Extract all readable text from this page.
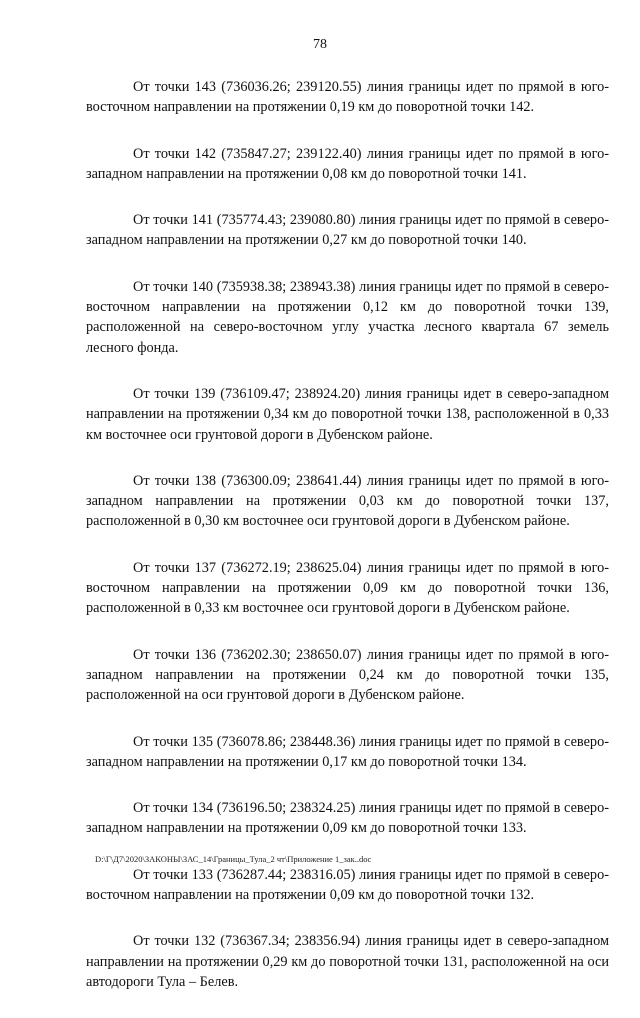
78

От точки 143 (736036.26; 239120.55) линия границы идет по прямой в юго-восточном направлении на протяжении 0,19 км до поворотной точки 142.

От точки 142 (735847.27; 239122.40) линия границы идет по прямой в юго-западном направлении на протяжении 0,08 км до поворотной точки 141.

От точки 141 (735774.43; 239080.80) линия границы идет по прямой в северо-западном направлении на протяжении 0,27 км до поворотной точки 140.

От точки 140 (735938.38; 238943.38) линия границы идет по прямой в северо-восточном направлении на протяжении 0,12 км до поворотной точки 139, расположенной на северо-восточном углу участка лесного квартала 67 земель лесного фонда.

От точки 139 (736109.47; 238924.20) линия границы идет в северо-западном направлении на протяжении 0,34 км до поворотной точки 138, расположенной в 0,33 км восточнее оси грунтовой дороги в Дубенском районе.

От точки 138 (736300.09; 238641.44) линия границы идет по прямой в юго-западном направлении на протяжении 0,03 км до поворотной точки 137, расположенной в 0,30 км восточнее оси грунтовой дороги в Дубенском районе.

От точки 137 (736272.19; 238625.04) линия границы идет по прямой в юго-восточном направлении на протяжении 0,09 км до поворотной точки 136, расположенной в 0,33 км восточнее оси грунтовой дороги в Дубенском районе.

От точки 136 (736202.30; 238650.07) линия границы идет по прямой в юго-западном направлении на протяжении 0,24 км до поворотной точки 135, расположенной на оси грунтовой дороги в Дубенском районе.

От точки 135 (736078.86; 238448.36) линия границы идет по прямой в северо-западном направлении на протяжении 0,17 км до поворотной точки 134.

От точки 134 (736196.50; 238324.25) линия границы идет по прямой в северо-западном направлении на протяжении 0,09 км до поворотной точки 133.

От точки 133 (736287.44; 238316.05) линия границы идет по прямой в северо-восточном направлении на протяжении 0,09 км до поворотной точки 132.

От точки 132 (736367.34; 238356.94) линия границы идет в северо-западном направлении на протяжении 0,29 км до поворотной точки 131, расположенной на оси автодороги Тула – Белев.

D:\Г\Д7\2020\ЗАКОНЫ\ЗАС_14\Границы_Тула_2 чт\Приложение 1_зак..doc
